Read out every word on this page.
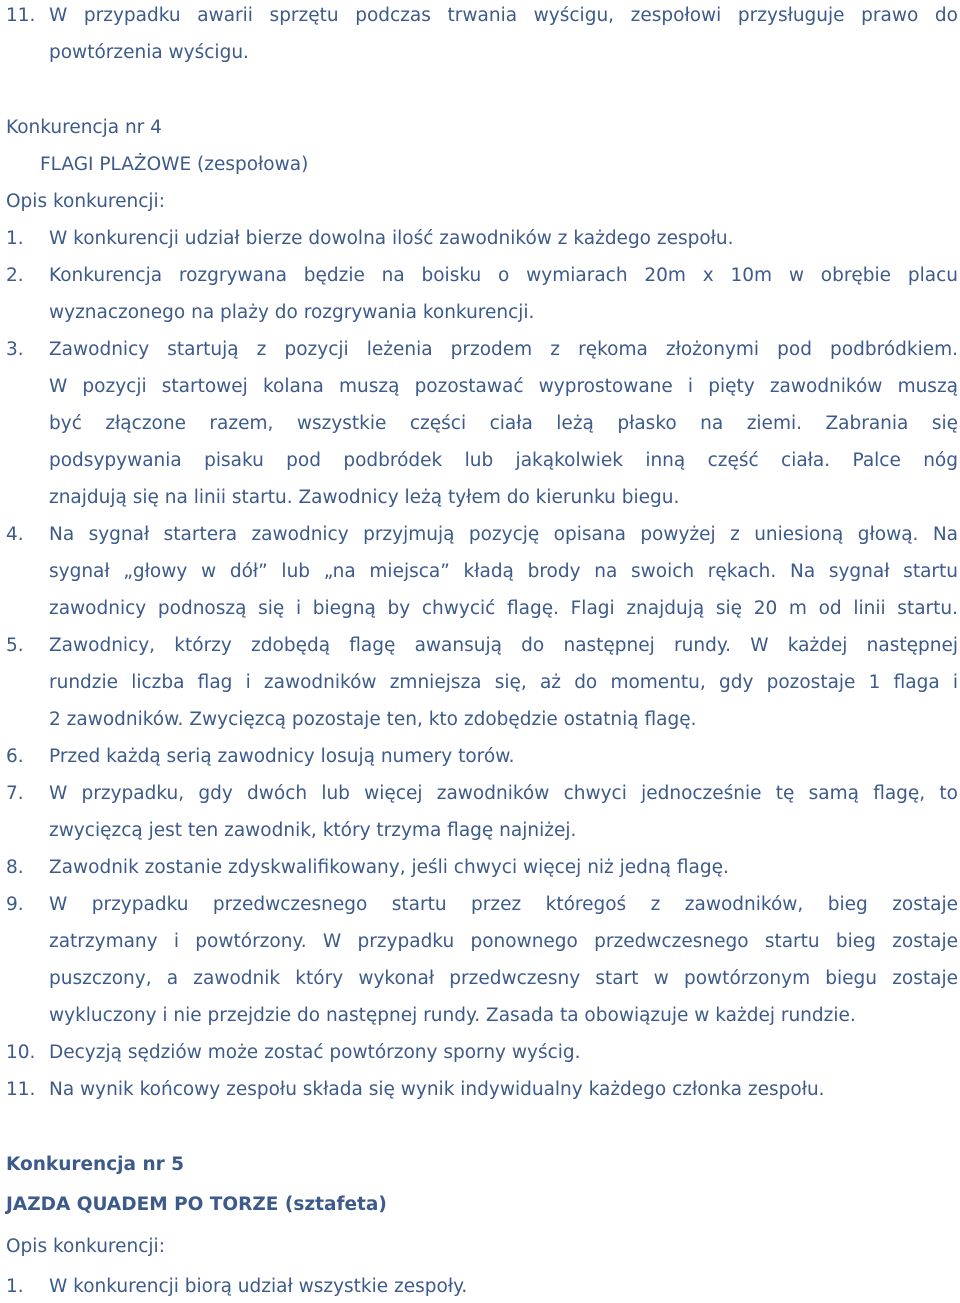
11. W przypadku awarii sprzętu podczas trwania wyścigu, zespołowi przysługuje prawo do
powtórzenia wyścigu.
Konkurencja nr 4
FLAGI PLAŻOWE (zespołowa)
Opis konkurencji:
1. W konkurencji udział bierze dowolna ilość zawodników z każdego zespołu.
2. Konkurencja rozgrywana będzie na boisku o wymiarach 20m x 10m w obrębie placu
wyznaczonego na plaży do rozgrywania konkurencji.
3. Zawodnicy startują z pozycji leżenia przodem z rękoma złożonymi pod podbródkiem.
W pozycji startowej kolana muszą pozostawać wyprostowane i pięty zawodników muszą
być złączone razem, wszystkie części ciała leżą płasko na ziemi. Zabrania się
podsypywania pisaku pod podbródek lub jakąkolwiek inną część ciała. Palce nóg
znajdują się na linii startu. Zawodnicy leżą tyłem do kierunku biegu.
4. Na sygnał startera zawodnicy przyjmują pozycję opisana powyżej z uniesioną głową. Na
sygnał „głowy w dół” lub „na miejsca” kładą brody na swoich rękach. Na sygnał startu
zawodnicy podnoszą się i biegną by chwycić flagę. Flagi znajdują się 20 m od linii startu.
5. Zawodnicy, którzy zdobędą flagę awansują do następnej rundy. W każdej następnej
rundzie liczba flag i zawodników zmniejsza się, aż do momentu, gdy pozostaje 1 flaga i
2 zawodników. Zwycięzcą pozostaje ten, kto zdobędzie ostatnią flagę.
6. Przed każdą serią zawodnicy losują numery torów.
7. W przypadku, gdy dwóch lub więcej zawodników chwyci jednocześnie tę samą flagę, to
zwycięzcą jest ten zawodnik, który trzyma flagę najniżej.
8. Zawodnik zostanie zdyskwalifikowany, jeśli chwyci więcej niż jedną flagę.
9. W przypadku przedwczesnego startu przez któregoś z zawodników, bieg zostaje
zatrzymany i powtórzony. W przypadku ponownego przedwczesnego startu bieg zostaje
puszczony, a zawodnik który wykonał przedwczesny start w powtórzonym biegu zostaje
wykluczony i nie przejdzie do następnej rundy. Zasada ta obowiązuje w każdej rundzie.
10. Decyzją sędziów może zostać powtórzony sporny wyścig.
11. Na wynik końcowy zespołu składa się wynik indywidualny każdego członka zespołu.
Konkurencja nr 5
JAZDA QUADEM PO TORZE (sztafeta)
Opis konkurencji:
1. W konkurencji biorą udział wszystkie zespoły.
